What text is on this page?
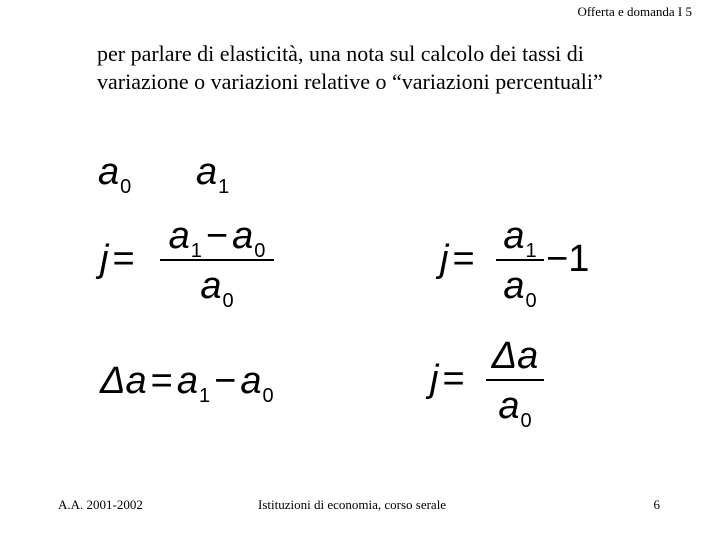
Offerta e domanda I 5
per parlare di elasticità, una nota sul calcolo dei tassi di
variazione o variazioni relative o “variazioni percentuali”
$a_0$ $a_1$
j =
$a_1 - a_0$
$a_0$
j =
$a_1$
$a_0$
−1
$\Delta a = a_1 - a_0$	j =
Δa
$a_0$
A.A. 2001-2002	Istituzioni di economia, corso serale	6
